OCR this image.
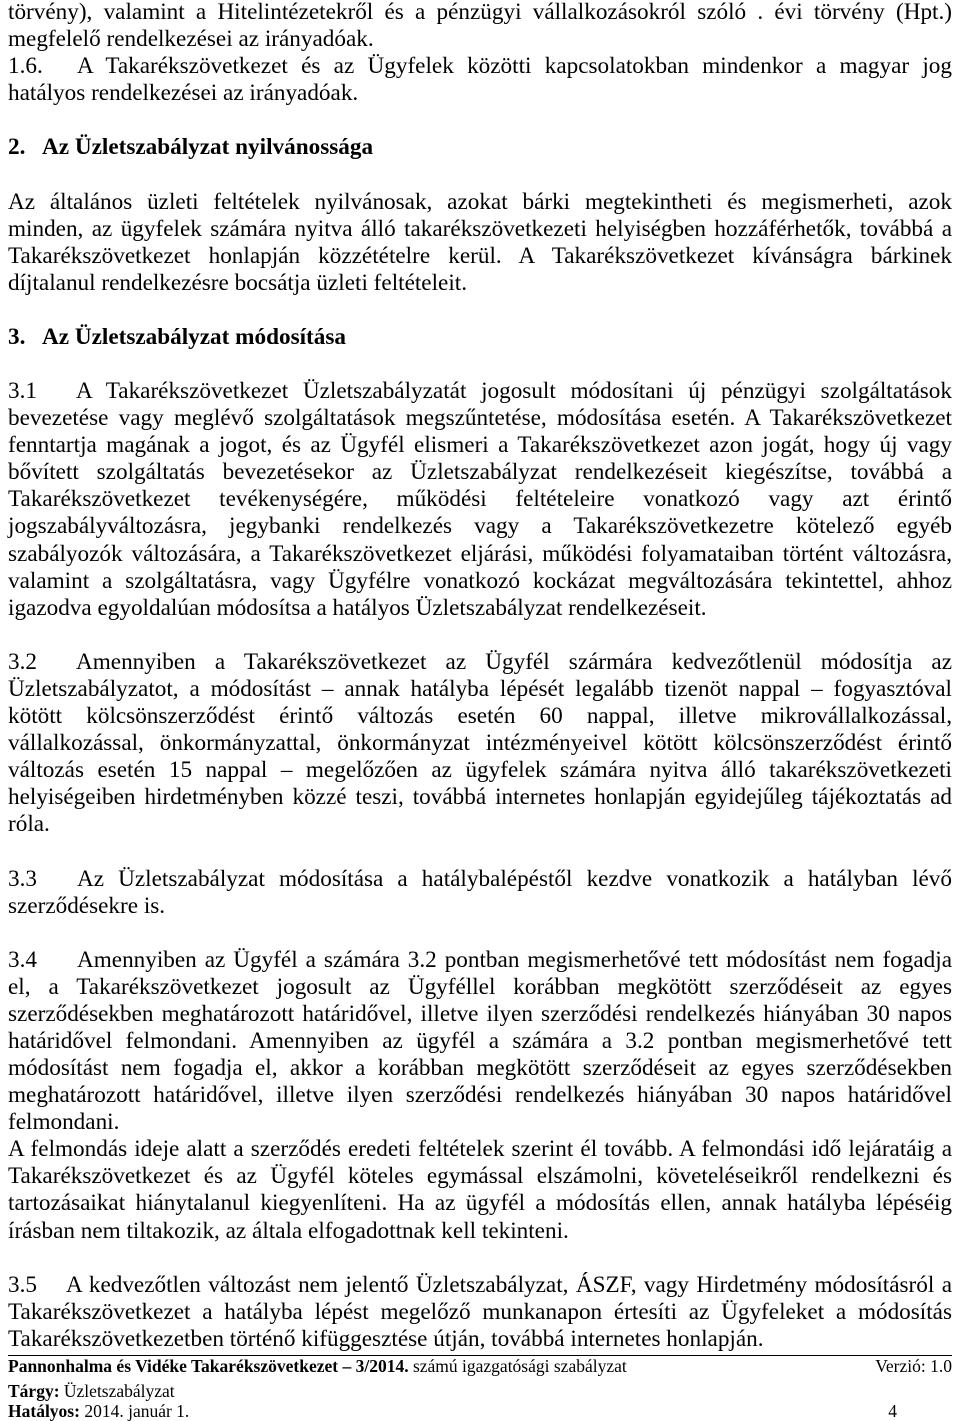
törvény), valamint a Hitelintézetekről és a pénzügyi vállalkozásokról szóló . évi törvény (Hpt.)
megfelelő rendelkezései az irányadóak.
1.6.	A Takarékszövetkezet és az Ügyfelek közötti kapcsolatokban mindenkor a magyar jog
hatályos rendelkezései az irányadóak.
2. Az Üzletszabályzat nyilvánossága
Az általános üzleti feltételek nyilvánosak, azokat bárki megtekintheti és megismerheti, azok
minden, az ügyfelek számára nyitva álló takarékszövetkezeti helyiségben hozzáférhetők, továbbá a
Takarékszövetkezet honlapján közzétételre kerül. A Takarékszövetkezet kívánságra bárkinek
díjtalanul rendelkezésre bocsátja üzleti feltételeit.
3. Az Üzletszabályzat módosítása
3.1	A Takarékszövetkezet Üzletszabályzatát jogosult módosítani új pénzügyi szolgáltatások
bevezetése vagy meglévő szolgáltatások megszűntetése, módosítása esetén. A Takarékszövetkezet
fenntartja magának a jogot, és az Ügyfél elismeri a Takarékszövetkezet azon jogát, hogy új vagy
bővített szolgáltatás bevezetésekor az Üzletszabályzat rendelkezéseit kiegészítse, továbbá a
Takarékszövetkezet tevékenységére, működési feltételeire vonatkozó vagy azt érintő
jogszabályváltozásra, jegybanki rendelkezés vagy a Takarékszövetkezetre kötelező egyéb
szabályozók változására, a Takarékszövetkezet eljárási, működési folyamataiban történt változásra,
valamint a szolgáltatásra, vagy Ügyfélre vonatkozó kockázat megváltozására tekintettel, ahhoz
igazodva egyoldalúan módosítsa a hatályos Üzletszabályzat rendelkezéseit.
3.2	Amennyiben a Takarékszövetkezet az Ügyfél szármára kedvezőtlenül módosítja az
Üzletszabályzatot, a módosítást – annak hatályba lépését legalább tizenöt nappal – fogyasztóval
kötött kölcsönszerződést érintő változás esetén 60 nappal, illetve mikrovállalkozással,
vállalkozással, önkormányzattal, önkormányzat intézményeivel kötött kölcsönszerződést érintő
változás esetén 15 nappal – megelőzően az ügyfelek számára nyitva álló takarékszövetkezeti
helyiségeiben hirdetményben közzé teszi, továbbá internetes honlapján egyidejűleg tájékoztatás ad
róla.
3.3	Az Üzletszabályzat módosítása a hatálybalépéstől kezdve vonatkozik a hatályban lévő
szerződésekre is.
3.4	Amennyiben az Ügyfél a számára 3.2 pontban megismerhetővé tett módosítást nem fogadja
el, a Takarékszövetkezet jogosult az Ügyféllel korábban megkötött szerződéseit az egyes
szerződésekben meghatározott határidővel, illetve ilyen szerződési rendelkezés hiányában 30 napos
határidővel felmondani. Amennyiben az ügyfél a számára a 3.2 pontban megismerhetővé tett
módosítást nem fogadja el, akkor a korábban megkötött szerződéseit az egyes szerződésekben
meghatározott határidővel, illetve ilyen szerződési rendelkezés hiányában 30 napos határidővel
felmondani.
A felmondás ideje alatt a szerződés eredeti feltételek szerint él tovább. A felmondási idő lejáratáig a
Takarékszövetkezet és az Ügyfél köteles egymással elszámolni, követeléseikről rendelkezni és
tartozásaikat hiánytalanul kiegyenlíteni. Ha az ügyfél a módosítás ellen, annak hatályba lépéséig
írásban nem tiltakozik, az általa elfogadottnak kell tekinteni.
3.5	A kedvezőtlen változást nem jelentő Üzletszabályzat, ÁSZF, vagy Hirdetmény módosításról a
Takarékszövetkezet a hatályba lépést megelőző munkanapon értesíti az Ügyfeleket a módosítás
Takarékszövetkezetben történő kifüggesztése útján, továbbá internetes honlapján.
Pannonhalma és Vidéke Takarékszövetkezet – 3/2014. számú igazgatósági szabályzat	Verzió: 1.0
Tárgy: Üzletszabályzat
Hatályos: 2014. január 1.	4
